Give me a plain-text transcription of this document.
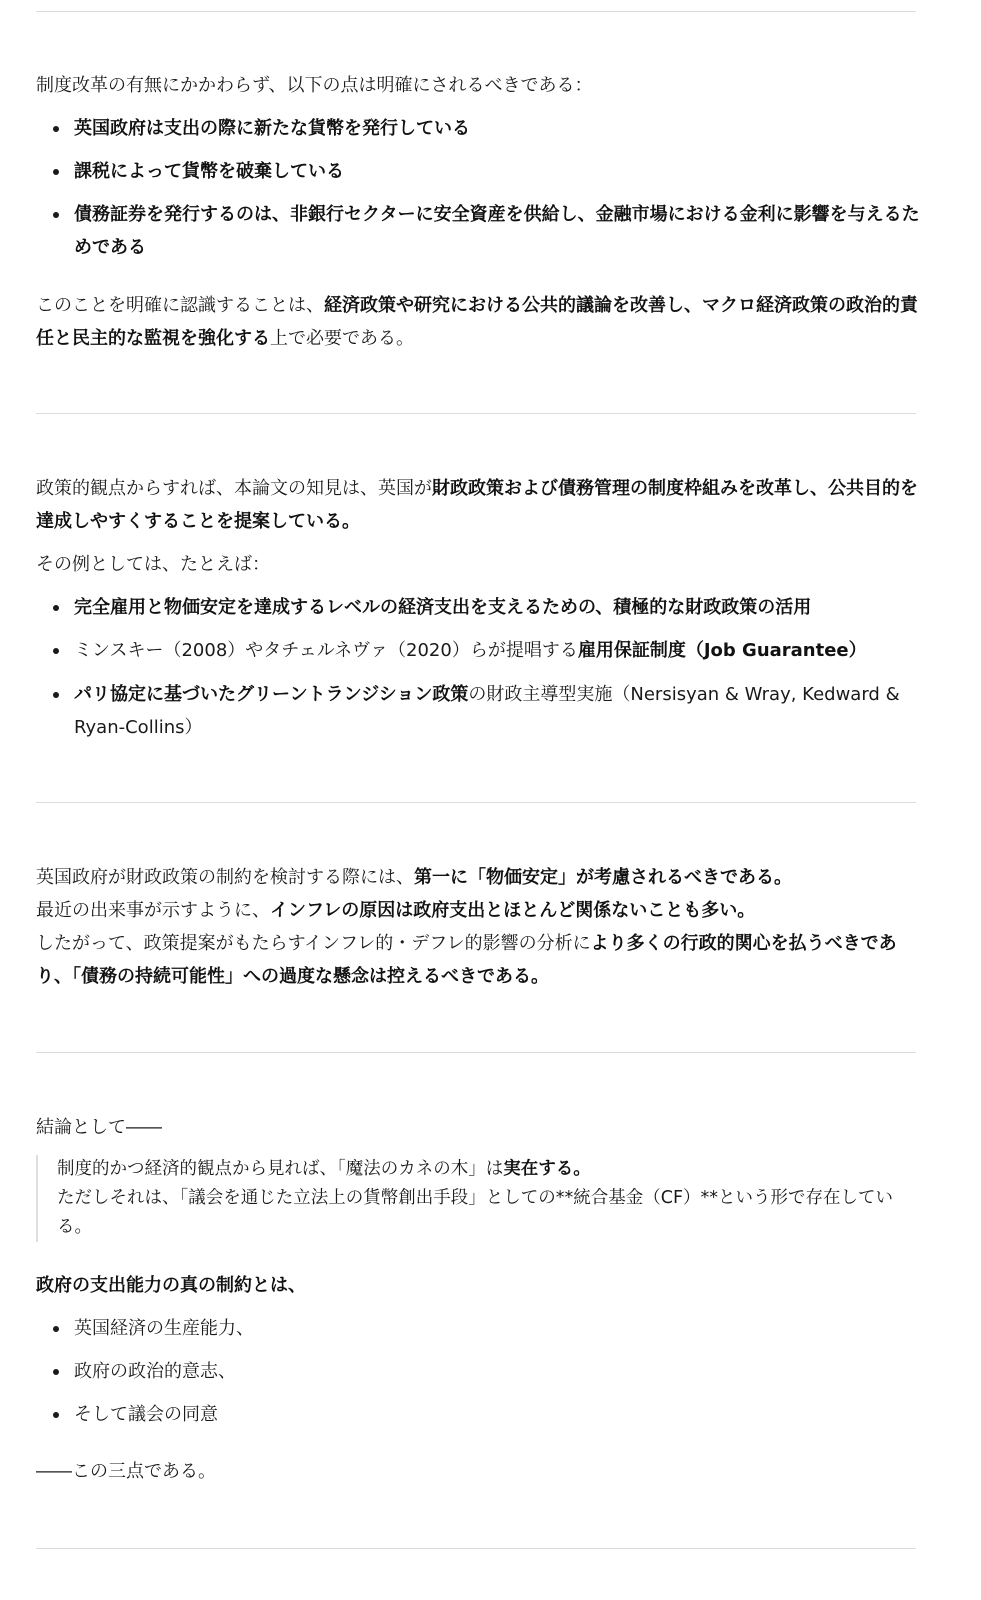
制度改革の有無にかかわらず、以下の点は明確にされるべきである：

英国政府は支出の際に新たな貨幣を発行している

課税によって貨幣を破棄している

債務証券を発行するのは、非銀行セクターに安全資産を供給し、金融市場における金利に影響を与えるためである

このことを明確に認識することは、経済政策や研究における公共的議論を改善し、マクロ経済政策の政治的責任と民主的な監視を強化する上で必要である。

政策的観点からすれば、本論文の知見は、英国が財政政策および債務管理の制度枠組みを改革し、公共目的を達成しやすくすることを提案している。

その例としては、たとえば：

完全雇用と物価安定を達成するレベルの経済支出を支えるための、積極的な財政政策の活用

ミンスキー（2008）やタチェルネヴァ（2020）らが提唱する雇用保証制度（Job Guarantee）

パリ協定に基づいたグリーントランジション政策の財政主導型実施（Nersisyan & Wray, Kedward & Ryan-Collins）

英国政府が財政政策の制約を検討する際には、第一に「物価安定」が考慮されるべきである。

最近の出来事が示すように、インフレの原因は政府支出とほとんど関係ないことも多い。

したがって、政策提案がもたらすインフレ的・デフレ的影響の分析により多くの行政的関心を払うべきであり、「債務の持続可能性」への過度な懸念は控えるべきである。

結論として――

制度的かつ経済的観点から見れば、「魔法のカネの木」は実在する。

ただしそれは、「議会を通じた立法上の貨幣創出手段」としての**統合基金（CF）**という形で存在している。

政府の支出能力の真の制約とは、

英国経済の生産能力、

政府の政治的意志、

そして議会の同意

――この三点である。
